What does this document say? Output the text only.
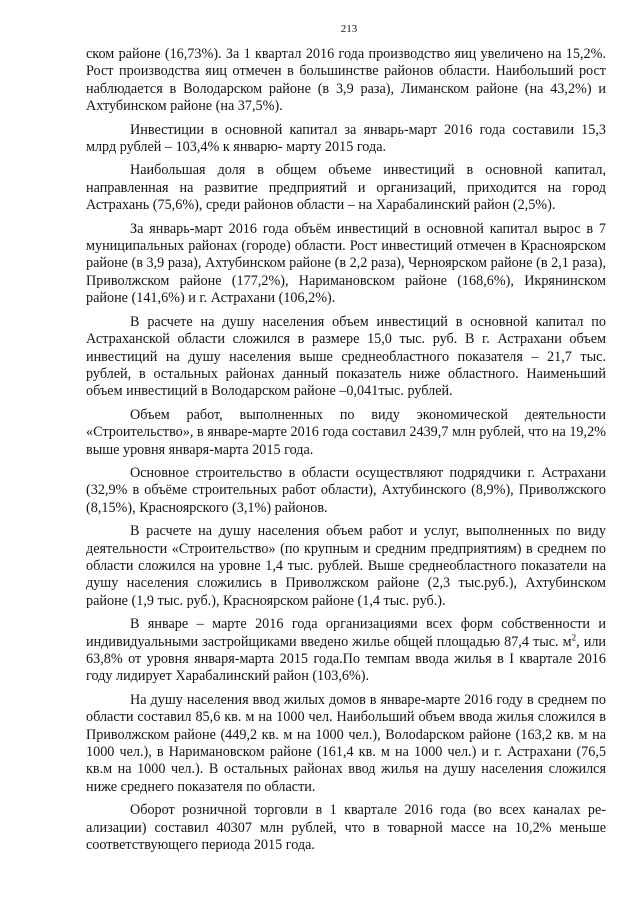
213

ском районе (16,73%). За 1 квартал 2016 года производство яиц увеличено на 15,2%. Рост производства яиц отмечен в большинстве районов области. Наибольший рост наблюдается в Володарском районе (в 3,9 раза), Лиманском районе (на 43,2%) и Ахтубинском районе (на 37,5%).

Инвестиции в основной капитал за январь-март 2016 года составили 15,3 млрд рублей – 103,4% к январю- марту 2015 года.

Наибольшая доля в общем объеме инвестиций в основной капитал, направленная на развитие предприятий и организаций, приходится на город Астрахань (75,6%), среди районов области – на Харабалинский район (2,5%).

За январь-март 2016 года объём инвестиций в основной капитал вырос в 7 муниципальных районах (городе) области. Рост инвестиций отмечен в Красноярском районе (в 3,9 раза), Ахтубинском районе (в 2,2 раза), Черноярском районе (в 2,1 раза), Приволжском районе (177,2%), Наримановском районе (168,6%), Икрянинском районе (141,6%) и г. Астрахани (106,2%).

В расчете на душу населения объем инвестиций в основной капитал по Астраханской области сложился в размере 15,0 тыс. руб. В г. Астрахани объем инвестиций на душу населения выше среднеобластного показателя – 21,7 тыс. рублей, в остальных районах данный показатель ниже областного. Наименьший объем инвестиций в Володарском районе –0,041тыс. рублей.

Объем работ, выполненных по виду экономической деятельности «Строительство», в январе-марте 2016 года составил 2439,7 млн рублей, что на 19,2% выше уровня января-марта 2015 года.

Основное строительство в области осуществляют подрядчики г. Астрахани (32,9% в объёме строительных работ области), Ахтубинского (8,9%), Приволжского (8,15%), Красноярского (3,1%) районов.

В расчете на душу населения объем работ и услуг, выполненных по виду деятельности «Строительство» (по крупным и средним предприятиям) в среднем по области сложился на уровне 1,4 тыс. рублей. Выше среднеобластного показатели на душу населения сложились в Приволжском районе (2,3 тыс.руб.), Ахтубинском районе (1,9 тыс. руб.), Красноярском районе (1,4 тыс. руб.).

В январе – марте 2016 года организациями всех форм собственности и индивидуальными застройщиками введено жилье общей площадью 87,4 тыс. $м^2$, или 63,8% от уровня января-марта 2015 года.По темпам ввода жилья в I квартале 2016 году лидирует Харабалинский район (103,6%).

На душу населения ввод жилых домов в январе-марте 2016 году в среднем по области составил 85,6 кв. м на 1000 чел. Наибольший объем ввода жилья сложился в Приволжском районе (449,2 кв. м на 1000 чел.), Волоdарском районе (163,2 кв. м на 1000 чел.), в Наримановском районе (161,4 кв. м на 1000 чел.) и г. Астрахани (76,5 кв.м на 1000 чел.). В остальных районах ввод жилья на душу населения сложился ниже среднего показателя по области.

Оборот розничной торговли в 1 квартале 2016 года (во всех каналах реализации) составил 40307 млн рублей, что в товарной массе на 10,2% меньше соответствующего периода 2015 года.
